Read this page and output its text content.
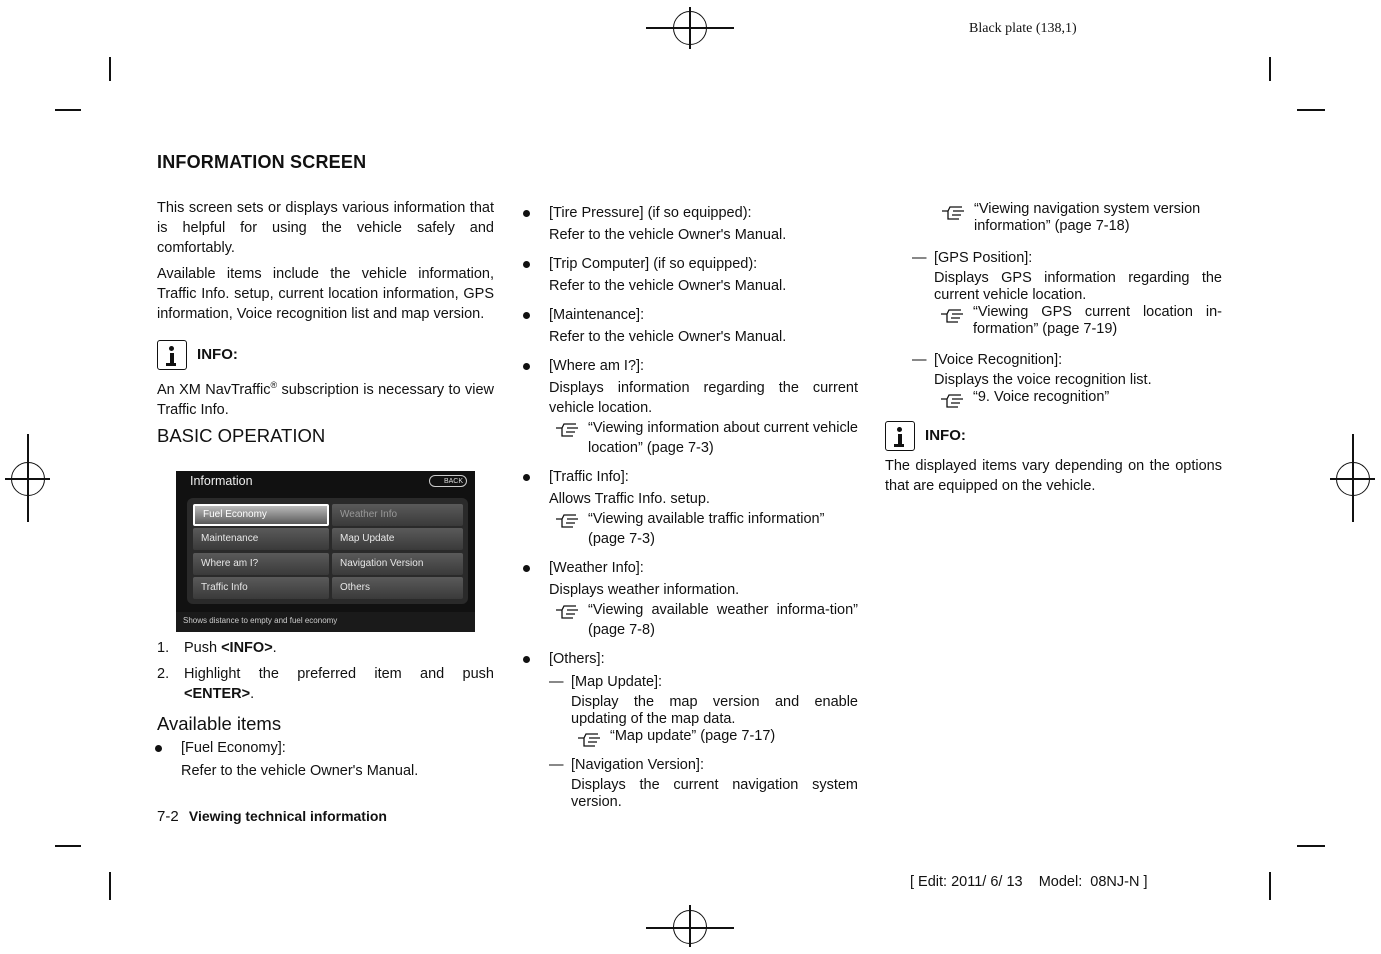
Black plate (138,1)
[ Edit: 2011/ 6/ 13    Model:  08NJ-N ]
INFORMATION SCREEN

This screen sets or displays various information that is helpful for using the vehicle safely and comfortably.

Available items include the vehicle information, Traffic Info. setup, current location information, GPS information, Voice recognition list and map version.

INFO:

An XM NavTraffic® subscription is necessary to view Traffic Info.

BASIC OPERATION
Information	BACK
Fuel Economy	Weather Info
Maintenance	Map Update
Where am I?	Navigation Version
Traffic Info	Others
Shows distance to empty and fuel economy
1. Push <INFO>.
2. Highlight the preferred item and push
<ENTER>.
Available items
[Fuel Economy]:
Refer to the vehicle Owner's Manual.
7-2 Viewing technical information
[Tire Pressure] (if so equipped):
Refer to the vehicle Owner's Manual.
[Trip Computer] (if so equipped):
Refer to the vehicle Owner's Manual.
[Maintenance]:
Refer to the vehicle Owner's Manual.
[Where am I?]:
Displays information regarding the current vehicle location.
“Viewing information about current vehicle location” (page 7-3)
[Traffic Info]:
Allows Traffic Info. setup.
“Viewing available traffic information” (page 7-3)
[Weather Info]:
Displays weather information.
“Viewing available weather informa-tion” (page 7-8)
[Others]:
— [Map Update]:
Display the map version and enable updating of the map data.
“Map update” (page 7-17)
— [Navigation Version]:
Displays the current navigation system version.
“Viewing navigation system version information” (page 7-18)
— [GPS Position]:
Displays GPS information regarding the current vehicle location.
“Viewing GPS current location in-formation” (page 7-19)
— [Voice Recognition]:
Displays the voice recognition list.
“9. Voice recognition”
INFO:

The displayed items vary depending on the options that are equipped on the vehicle.
